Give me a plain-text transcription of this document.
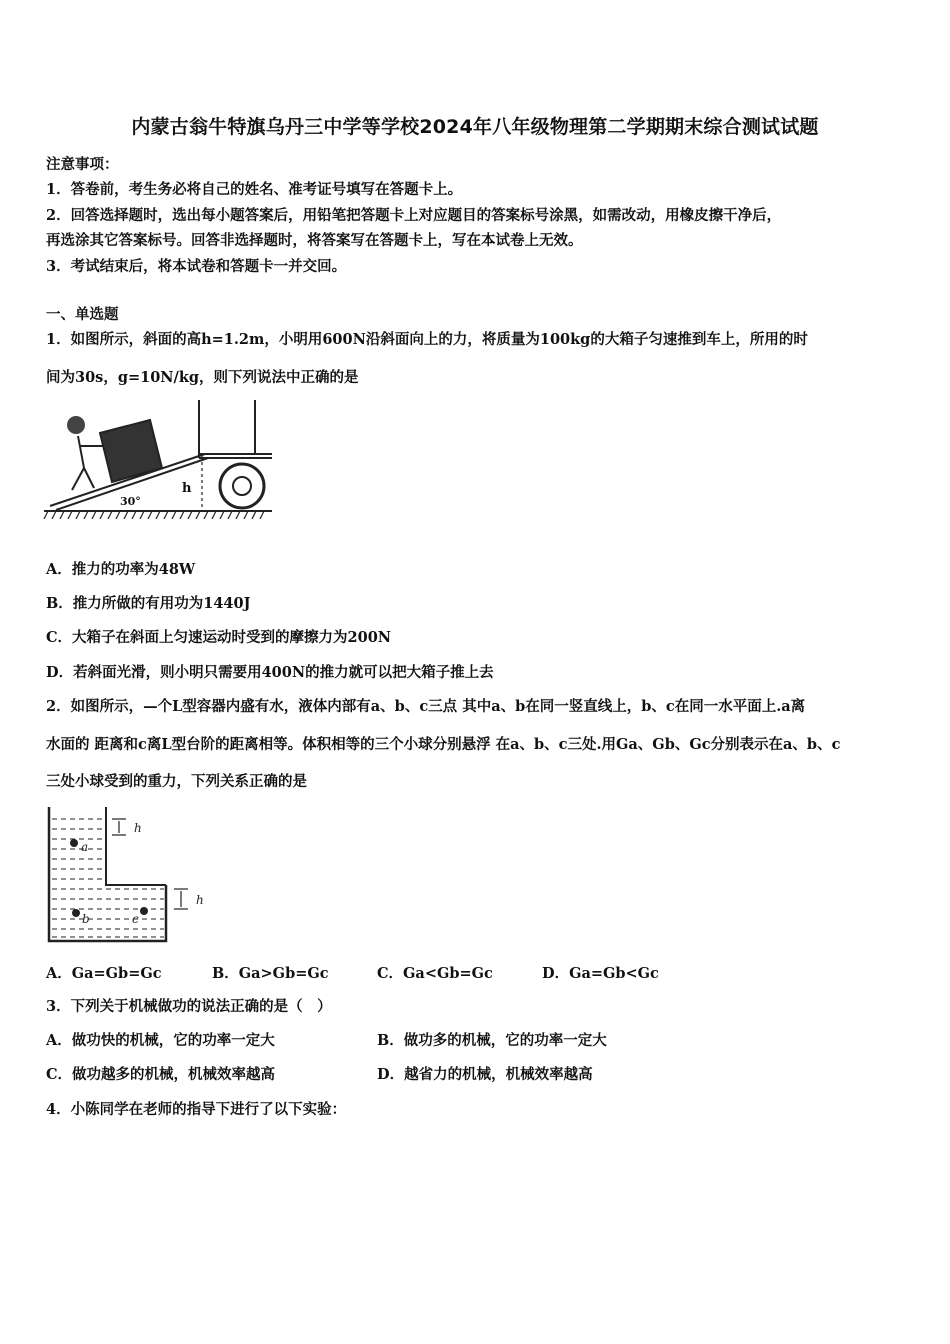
内蒙古翁牛特旗乌丹三中学等学校2024年八年级物理第二学期期末综合测试试题
注意事项：
1．答卷前，考生务必将自己的姓名、准考证号填写在答题卡上。
2．回答选择题时，选出每小题答案后，用铅笔把答题卡上对应题目的答案标号涂黑，如需改动，用橡皮擦干净后，
再选涂其它答案标号。回答非选择题时，将答案写在答题卡上，写在本试卷上无效。
3．考试结束后，将本试卷和答题卡一并交回。
一、单选题
1．如图所示，斜面的高h=1.2m，小明用600N沿斜面向上的力，将质量为100kg的大箱子匀速推到车上，所用的时
间为30s，g=10N/kg，则下列说法中正确的是
30°
h
A．推力的功率为48W
B．推力所做的有用功为1440J
C．大箱子在斜面上匀速运动时受到的摩擦力为200N
D．若斜面光滑，则小明只需要用400N的推力就可以把大箱子推上去
2．如图所示，—个L型容器内盛有水，液体内部有a、b、c三点 其中a、b在同一竖直线上，b、c在同一水平面上.a离
水面的 距离和c离L型台阶的距离相等。体积相等的三个小球分别悬浮 在a、b、c三处.用Ga、Gb、Gc分别表示在a、b、c
三处小球受到的重力，下列关系正确的是
h
h
a
b	c
A．Ga=Gb=Gc	B．Ga>Gb=Gc	C．Ga<Gb=Gc	D．Ga=Gb<Gc
3．下列关于机械做功的说法正确的是（　）
A．做功快的机械，它的功率一定大	B．做功多的机械，它的功率一定大
C．做功越多的机械，机械效率越高	D．越省力的机械，机械效率越高
4．小陈同学在老师的指导下进行了以下实验：
